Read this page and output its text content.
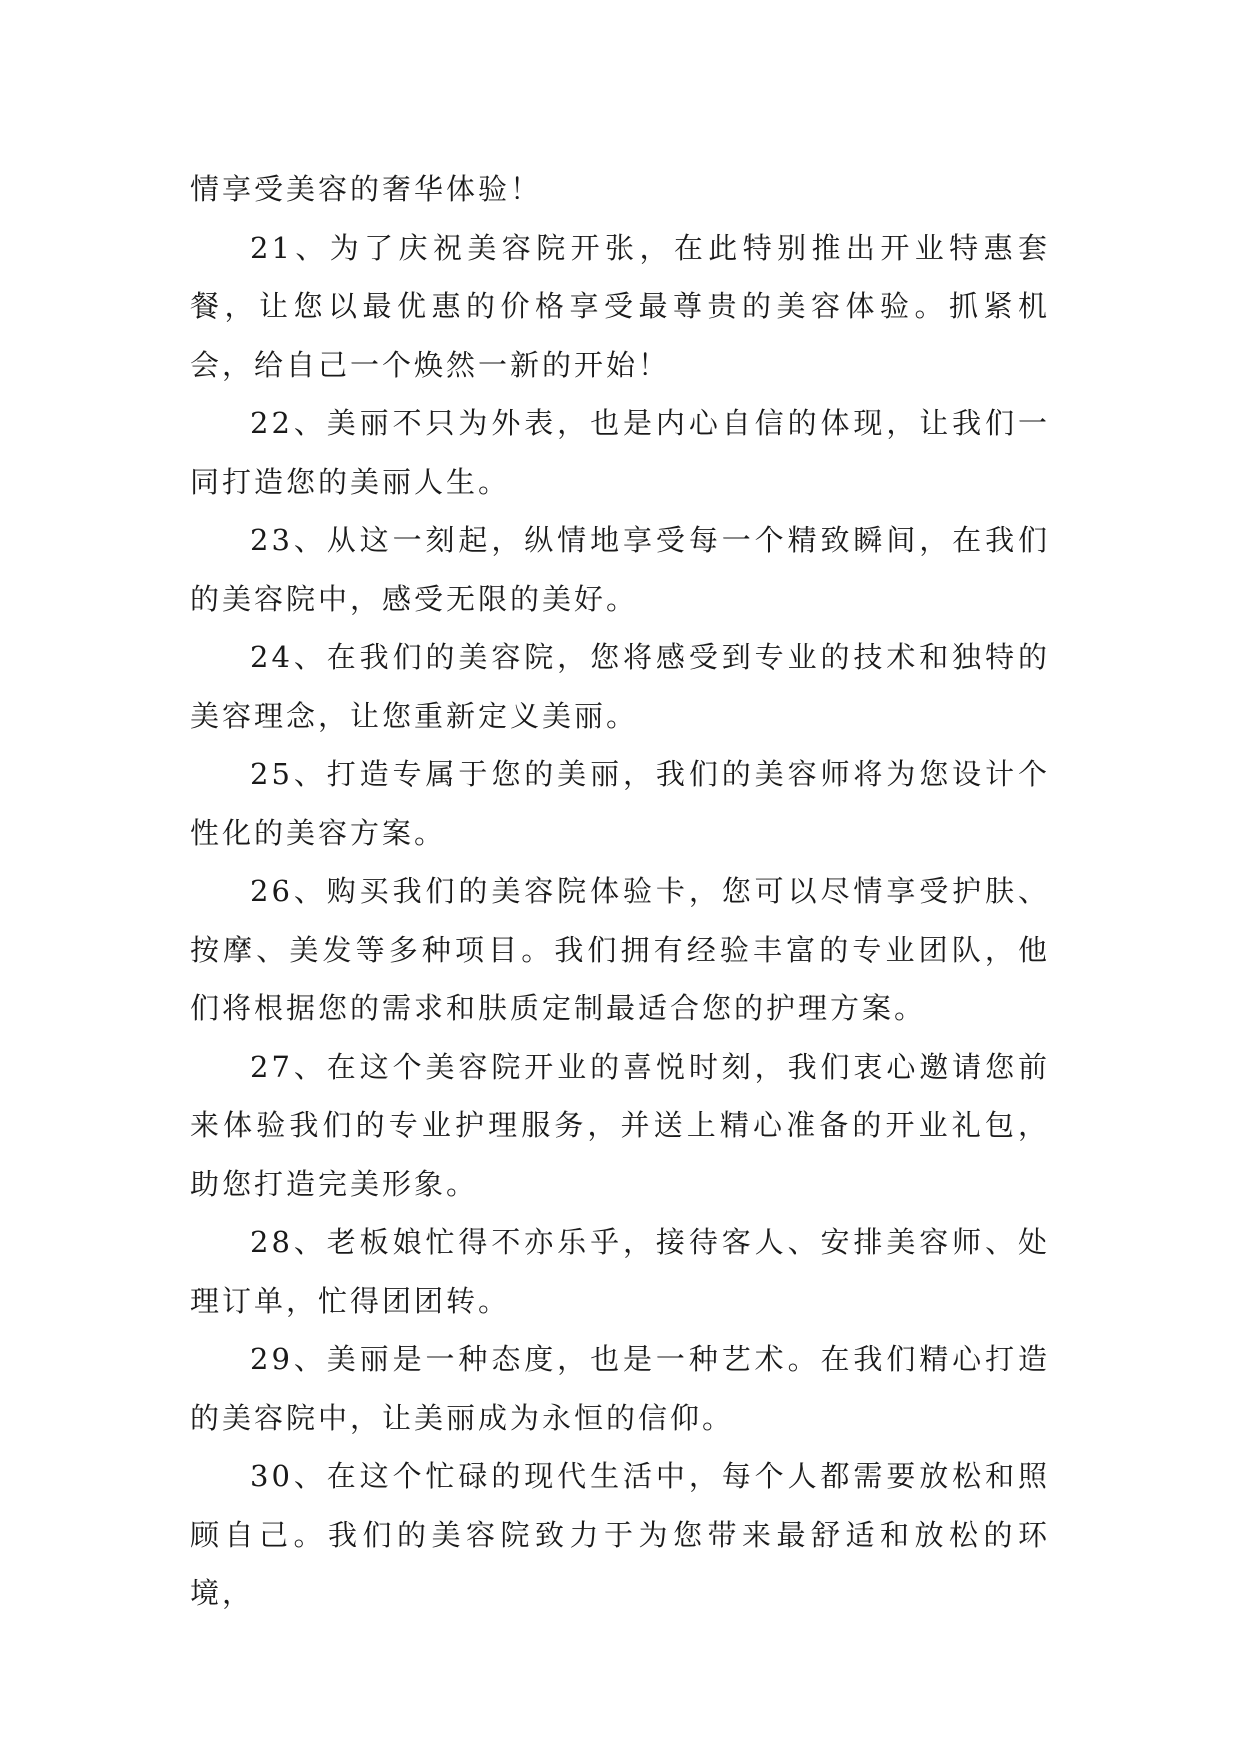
情享受美容的奢华体验！

21、为了庆祝美容院开张，在此特别推出开业特惠套餐，让您以最优惠的价格享受最尊贵的美容体验。抓紧机会，给自己一个焕然一新的开始！

22、美丽不只为外表，也是内心自信的体现，让我们一同打造您的美丽人生。

23、从这一刻起，纵情地享受每一个精致瞬间，在我们的美容院中，感受无限的美好。

24、在我们的美容院，您将感受到专业的技术和独特的美容理念，让您重新定义美丽。

25、打造专属于您的美丽，我们的美容师将为您设计个性化的美容方案。

26、购买我们的美容院体验卡，您可以尽情享受护肤、按摩、美发等多种项目。我们拥有经验丰富的专业团队，他们将根据您的需求和肤质定制最适合您的护理方案。

27、在这个美容院开业的喜悦时刻，我们衷心邀请您前来体验我们的专业护理服务，并送上精心准备的开业礼包，助您打造完美形象。

28、老板娘忙得不亦乐乎，接待客人、安排美容师、处理订单，忙得团团转。

29、美丽是一种态度，也是一种艺术。在我们精心打造的美容院中，让美丽成为永恒的信仰。

30、在这个忙碌的现代生活中，每个人都需要放松和照顾自己。我们的美容院致力于为您带来最舒适和放松的环境，
